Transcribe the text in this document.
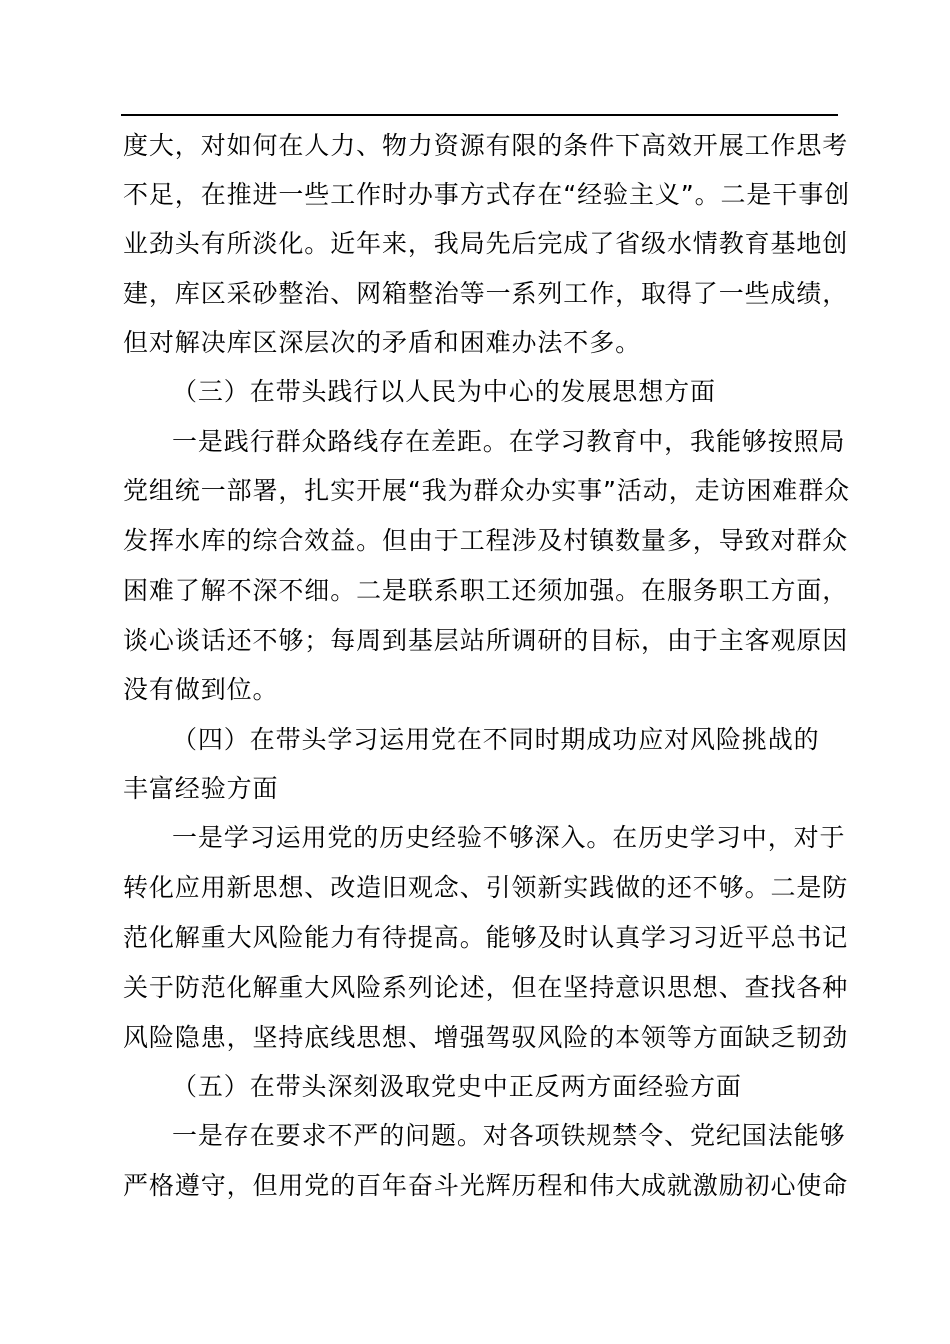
度大，对如何在人力、物力资源有限的条件下高效开展工作思考
不足，在推进一些工作时办事方式存在“经验主义”。二是干事创
业劲头有所淡化。近年来，我局先后完成了省级水情教育基地创
建，库区采砂整治、网箱整治等一系列工作，取得了一些成绩，
但对解决库区深层次的矛盾和困难办法不多。
（三）在带头践行以人民为中心的发展思想方面
一是践行群众路线存在差距。在学习教育中，我能够按照局
党组统一部署，扎实开展“我为群众办实事”活动，走访困难群众
发挥水库的综合效益。但由于工程涉及村镇数量多，导致对群众
困难了解不深不细。二是联系职工还须加强。在服务职工方面，
谈心谈话还不够；每周到基层站所调研的目标，由于主客观原因
没有做到位。
（四）在带头学习运用党在不同时期成功应对风险挑战的
丰富经验方面
一是学习运用党的历史经验不够深入。在历史学习中，对于
转化应用新思想、改造旧观念、引领新实践做的还不够。二是防
范化解重大风险能力有待提高。能够及时认真学习习近平总书记
关于防范化解重大风险系列论述，但在坚持意识思想、查找各种
风险隐患，坚持底线思想、增强驾驭风险的本领等方面缺乏韧劲
（五）在带头深刻汲取党史中正反两方面经验方面
一是存在要求不严的问题。对各项铁规禁令、党纪国法能够
严格遵守，但用党的百年奋斗光辉历程和伟大成就激励初心使命
